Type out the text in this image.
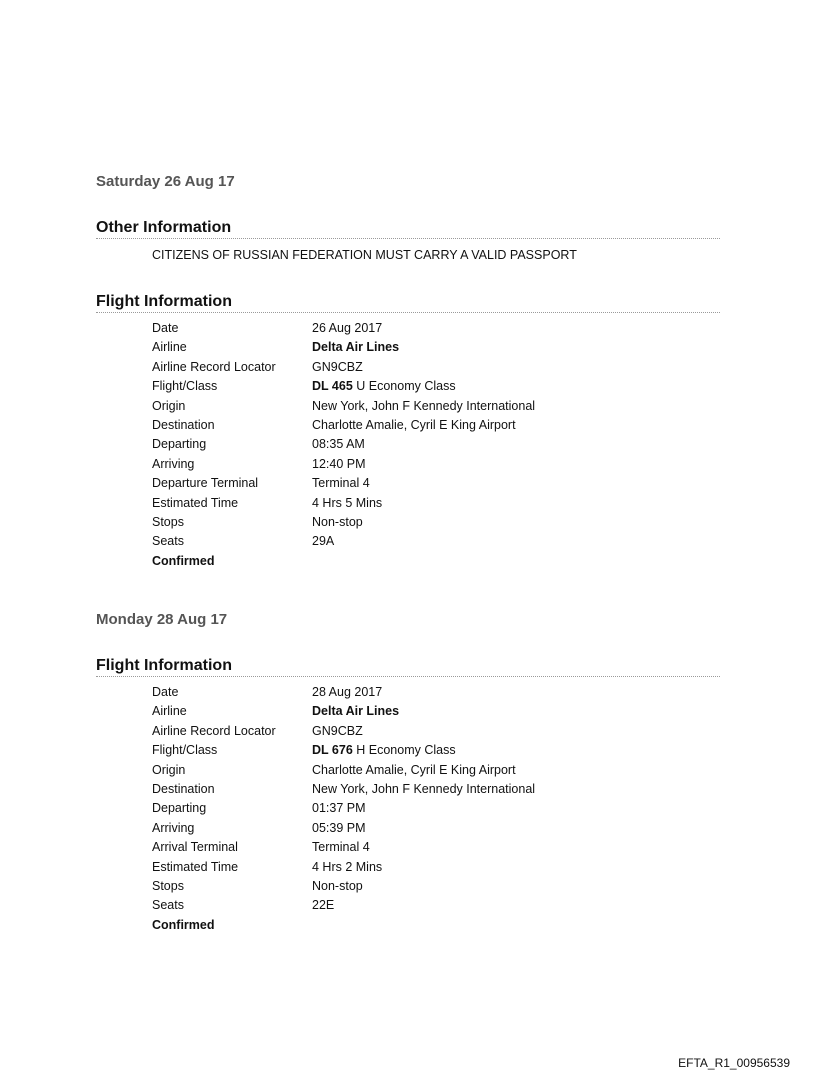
Saturday 26 Aug 17
Other Information

CITIZENS OF RUSSIAN FEDERATION MUST CARRY A VALID PASSPORT

Flight Information
Date	26 Aug 2017
Airline	Delta Air Lines
Airline Record Locator	GN9CBZ
Flight/Class	DL 465 U Economy Class
Origin	New York, John F Kennedy International
Destination	Charlotte Amalie, Cyril E King Airport
Departing	08:35 AM
Arriving	12:40 PM
Departure Terminal	Terminal 4
Estimated Time	4 Hrs 5 Mins
Stops	Non-stop
Seats	29A
Confirmed
Monday 28 Aug 17
Flight Information
Date	28 Aug 2017
Airline	Delta Air Lines
Airline Record Locator	GN9CBZ
Flight/Class	DL 676 H Economy Class
Origin	Charlotte Amalie, Cyril E King Airport
Destination	New York, John F Kennedy International
Departing	01:37 PM
Arriving	05:39 PM
Arrival Terminal	Terminal 4
Estimated Time	4 Hrs 2 Mins
Stops	Non-stop
Seats	22E
Confirmed
EFTA_R1_00956539
